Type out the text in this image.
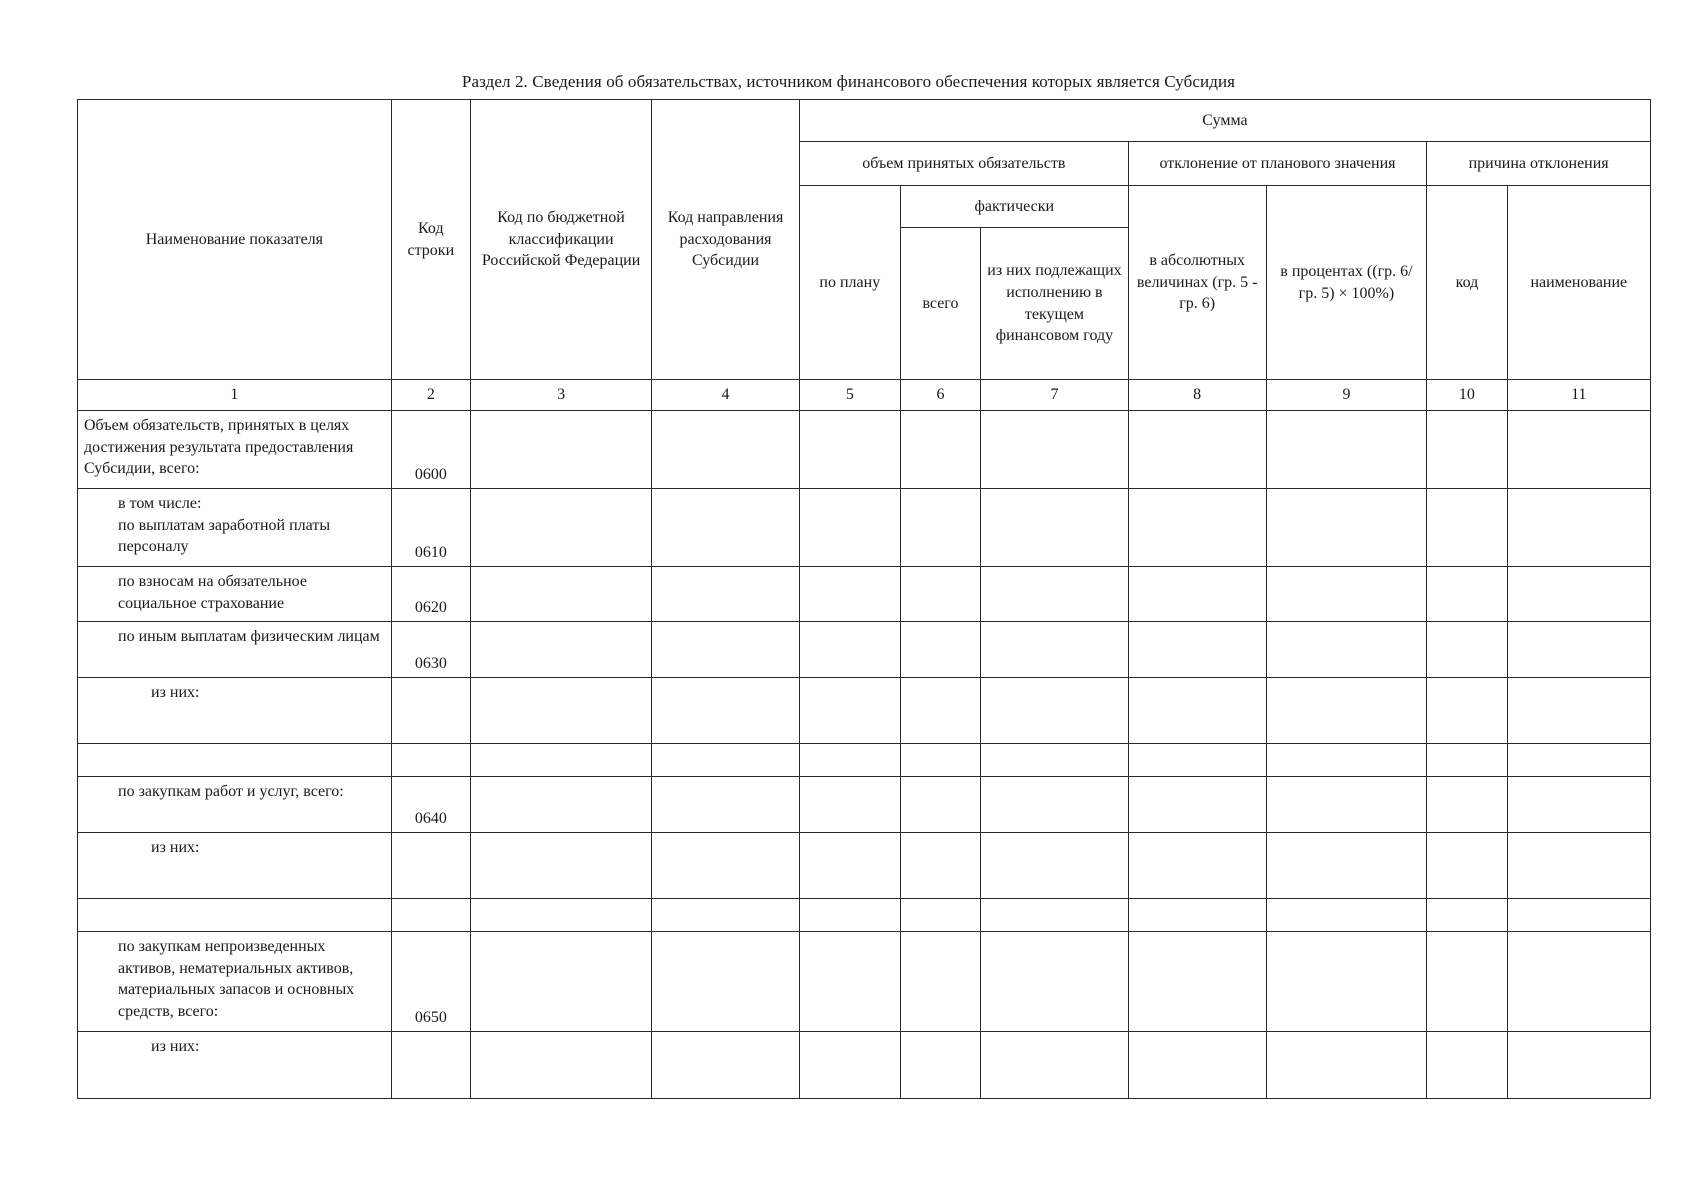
Раздел 2. Сведения об обязательствах, источником финансового обеспечения которых является Субсидия
Наименование показателя	Код строки	Код по бюджетной классификации Российской Федерации	Код направления расходования Субсидии	Сумма						
				объем принятых обязательств			отклонение от планового значения		причина отклонения	
				по плану	фактически		в абсолютных величинах (гр. 5 - гр. 6)	в процентах ((гр. 6/ гр. 5) × 100%)	код	наименование
					всего	из них подлежащих исполнению в текущем финансовом году				
1	2	3	4	5	6	7	8	9	10	11
Объем обязательств, принятых в целях достижения результата предоставления Субсидии, всего:	0600									

в том числе:
по выплатам заработной платы персоналу	0610									
по взносам на обязательное социальное страхование	0620									
по иным выплатам физическим лицам	0630									
из них:										

по закупкам работ и услуг, всего:	0640									
из них:										

по закупкам непроизведенных активов, нематериальных активов, материальных запасов и основных средств, всего:	0650									
из них:										
